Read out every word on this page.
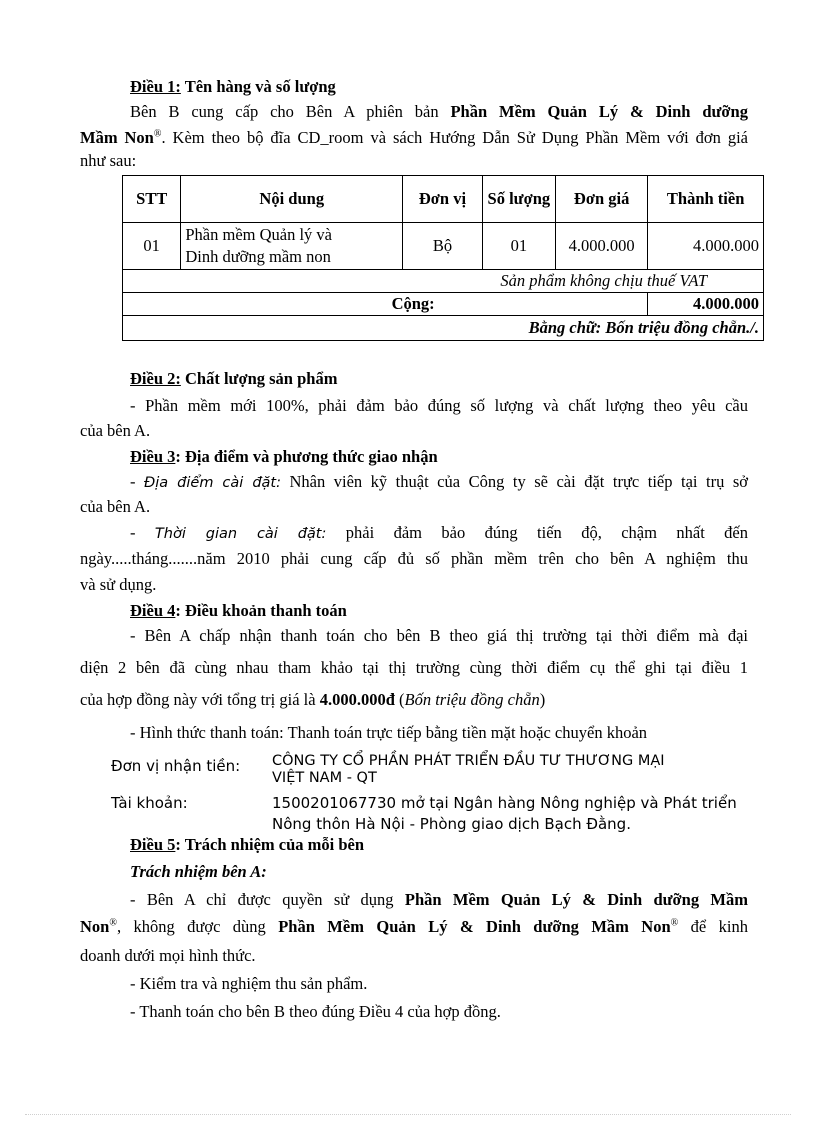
Điều 1: Tên hàng và số lượng
Bên B cung cấp cho Bên A phiên bản Phần Mềm Quản Lý & Dinh dưỡng
Mầm Non®. Kèm theo bộ đĩa CD_room và sách Hướng Dẫn Sử Dụng Phần Mềm với đơn giá
như sau:
STT	Nội dung	Đơn vị	Số lượng	Đơn giá	Thành tiền
01	Phần mềm Quản lý và
Dinh dưỡng mầm non	Bộ	01	4.000.000	4.000.000
Sản phẩm không chịu thuế VAT					
Cộng:					4.000.000
Bằng chữ: Bốn triệu đồng chẵn./.					
Điều 2: Chất lượng sản phẩm
- Phần mềm mới 100%, phải đảm bảo đúng số lượng và chất lượng theo yêu cầu
của bên A.
Điều 3: Địa điểm và phương thức giao nhận
- Địa điểm cài đặt: Nhân viên kỹ thuật của Công ty sẽ cài đặt trực tiếp tại trụ sở
của bên A.
- Thời gian cài đặt: phải đảm bảo đúng tiến độ, chậm nhất đến
ngày.....tháng.......năm 2010 phải cung cấp đủ số phần mềm trên cho bên A nghiệm thu
và sử dụng.
Điều 4: Điều khoản thanh toán
- Bên A chấp nhận thanh toán cho bên B theo giá thị trường tại thời điểm mà đại
diện 2 bên đã cùng nhau tham khảo tại thị trường cùng thời điểm cụ thể ghi tại điều 1
của hợp đồng này với tổng trị giá là 4.000.000đ (Bốn triệu đồng chẵn)
- Hình thức thanh toán: Thanh toán trực tiếp bằng tiền mặt hoặc chuyển khoản
Đơn vị nhận tiền: CÔNG TY CỔ PHẦN PHÁT TRIỂN ĐẦU TƯ THƯƠNG MẠI
VIỆT NAM - QT
Tài khoản:	1500201067730 mở tại Ngân hàng Nông nghiệp và Phát triển
Nông thôn Hà Nội - Phòng giao dịch Bạch Đằng.
Điều 5: Trách nhiệm của mỗi bên
Trách nhiệm bên A:
- Bên A chỉ được quyền sử dụng Phần Mềm Quản Lý & Dinh dưỡng Mầm
Non®, không được dùng Phần Mềm Quản Lý & Dinh dưỡng Mầm Non® để kinh
doanh dưới mọi hình thức.
- Kiểm tra và nghiệm thu sản phẩm.
- Thanh toán cho bên B theo đúng Điều 4 của hợp đồng.
